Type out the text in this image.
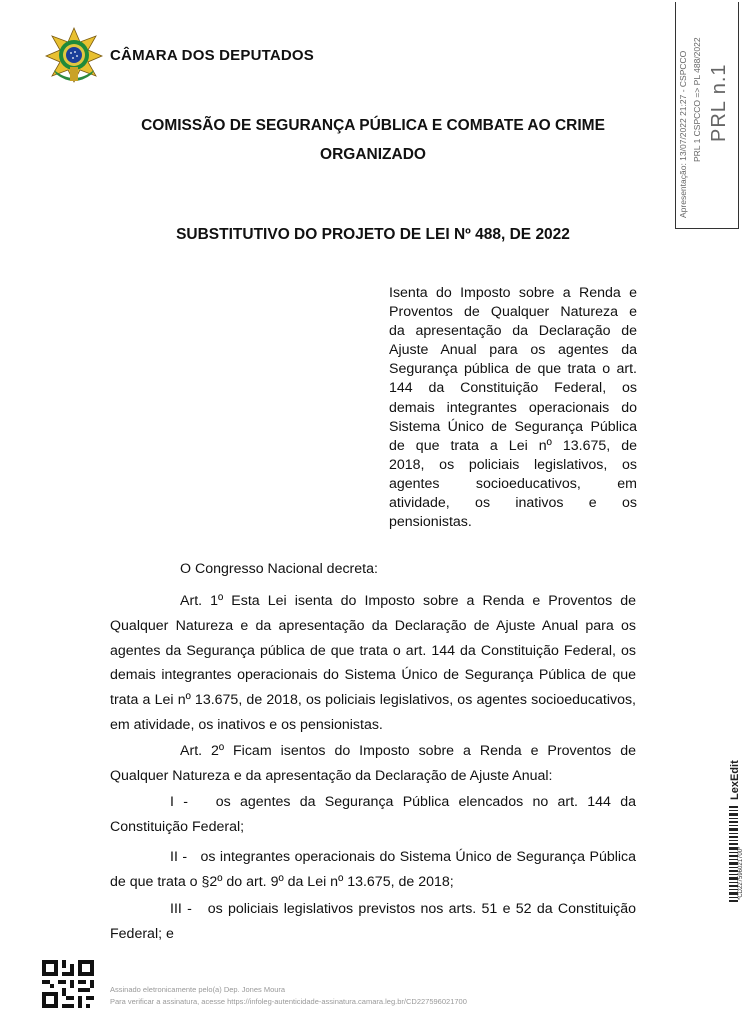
CÂMARA DOS DEPUTADOS
COMISSÃO DE SEGURANÇA PÚBLICA E COMBATE AO CRIME
ORGANIZADO
SUBSTITUTIVO DO PROJETO DE LEI Nº 488, DE 2022
Apresentação: 13/07/2022 21:27 - CSPCCO PRL 1 CSPCCO => PL 488/2022 PRL n.1
Isenta do Imposto sobre a Renda e
Proventos de Qualquer Natureza e
da apresentação da Declaração de
Ajuste Anual para os agentes da
Segurança pública de que trata o art.
144 da Constituição Federal, os
demais integrantes operacionais do
Sistema Único de Segurança Pública
de que trata a Lei nº 13.675, de
2018, os policiais legislativos, os
agentes socioeducativos, em
atividade, os inativos e os
pensionistas.
O Congresso Nacional decreta:

Art. 1º Esta Lei isenta do Imposto sobre a Renda e Proventos de Qualquer Natureza e da apresentação da Declaração de Ajuste Anual para os agentes da Segurança pública de que trata o art. 144 da Constituição Federal, os demais integrantes operacionais do Sistema Único de Segurança Pública de que trata a Lei nº 13.675, de 2018, os policiais legislativos, os agentes socioeducativos, em atividade, os inativos e os pensionistas.

Art. 2º Ficam isentos do Imposto sobre a Renda e Proventos de Qualquer Natureza e da apresentação da Declaração de Ajuste Anual:

I - os agentes da Segurança Pública elencados no art. 144 da Constituição Federal;

II - os integrantes operacionais do Sistema Único de Segurança Pública de que trata o §2º do art. 9º da Lei nº 13.675, de 2018;

III - os policiais legislativos previstos nos arts. 51 e 52 da Constituição Federal; e

LexEdit
*CD227596021700*
Assinado eletronicamente pelo(a) Dep. Jones Moura
Para verificar a assinatura, acesse https://infoleg-autenticidade-assinatura.camara.leg.br/CD227596021700
